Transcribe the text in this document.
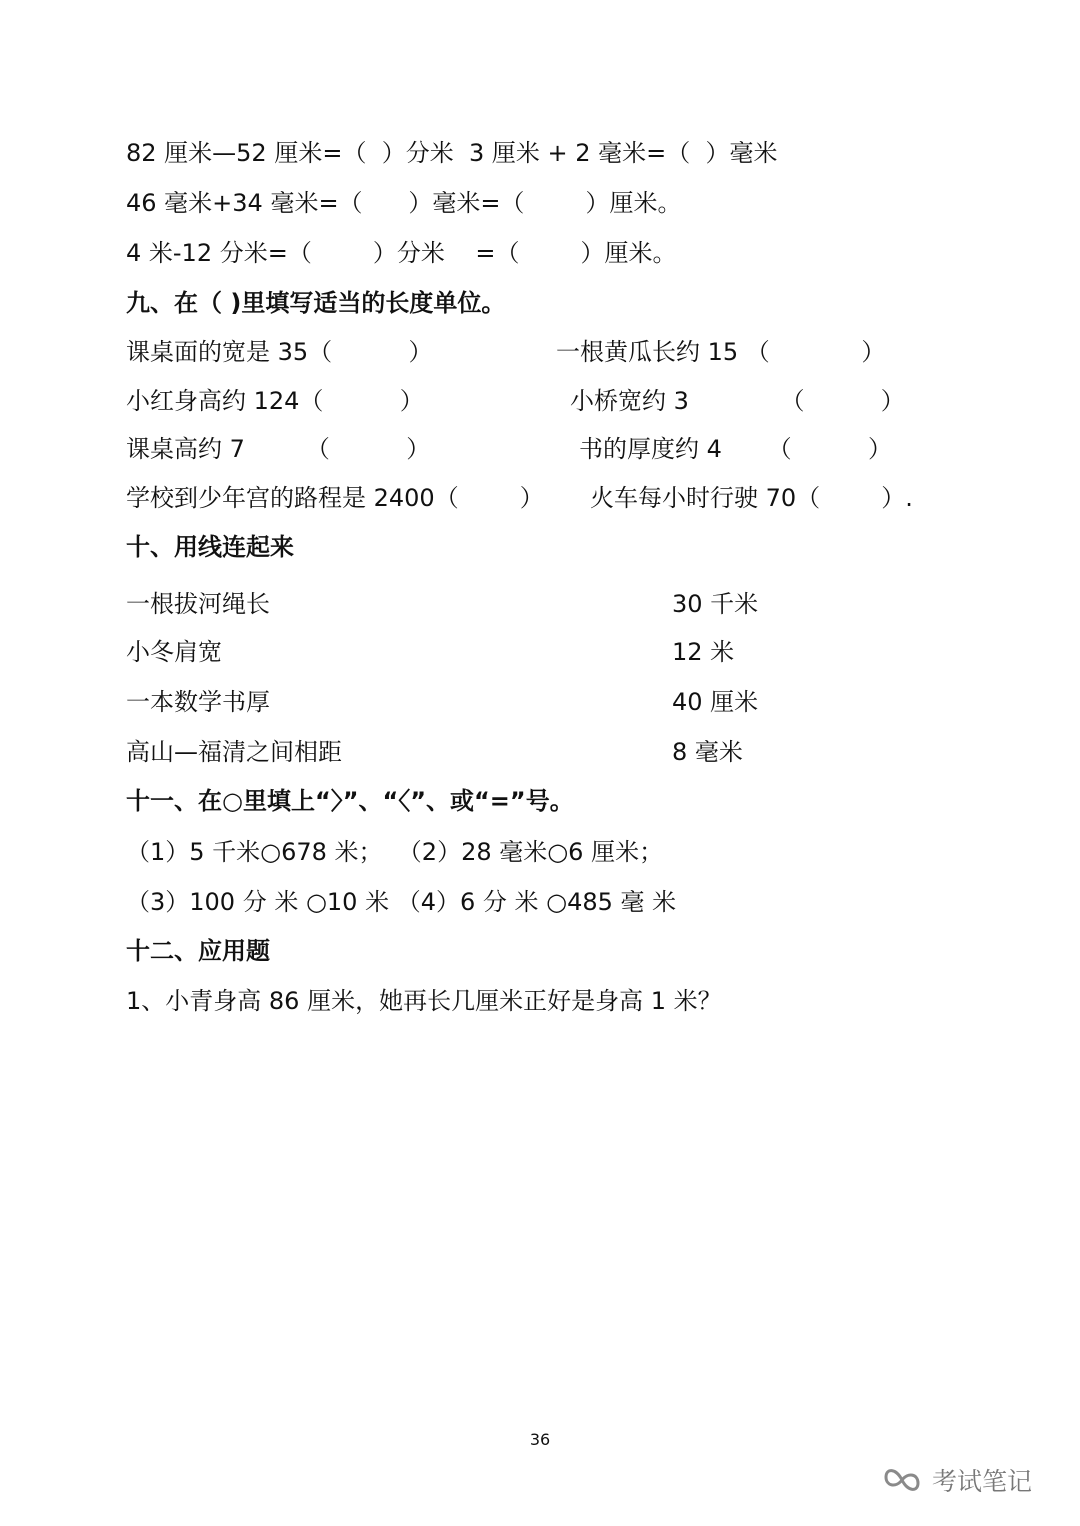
82 厘米—52 厘米=（  ）分米  3 厘米 + 2 毫米=（  ）毫米
46 毫米+34 毫米=（      ）毫米=（        ）厘米。
4 米-12 分米=（        ）分米    =（        ）厘米。
九、在（ )里填写适当的长度单位。
课桌面的宽是 35（          ）	一根黄瓜长约 15 （            ）
小红身高约 124（          ）	小桥宽约 3            （          ）
课桌高约 7        （          ）	书的厚度约 4      （          ）
学校到少年宫的路程是 2400（        ） 火车每小时行驶 70（        ）.
十、用线连起来
一根拔河绳长	30 千米
小冬肩宽	12 米
一本数学书厚	40 厘米
高山—福清之间相距	8 毫米
十一、在○里填上“〉”、“〈”、或“=”号。
（1）5 千米○678 米；  （2）28 毫米○6 厘米；
（3）100 分 米 ○10 米 （4）6 分 米 ○485 毫 米
十二、应用题
1、小青身高 86 厘米，她再长几厘米正好是身高 1 米？
36
考试笔记
